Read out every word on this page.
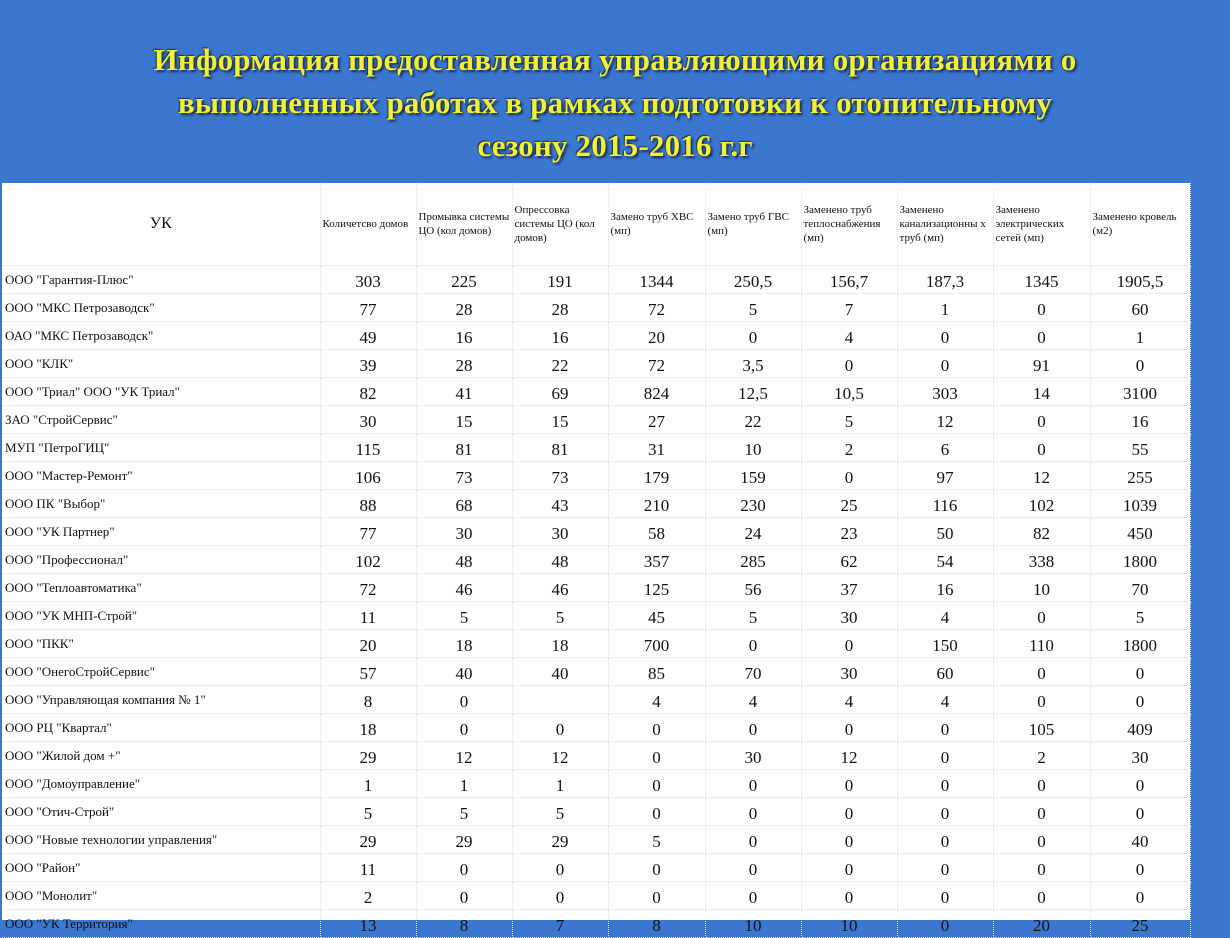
Информация предоставленная управляющими организациями о
выполненных работах в рамках подготовки к отопительному
сезону 2015-2016 г.г
УК	Количетсво домов	Промывка системы ЦО (кол домов)	Опрессовка системы ЦО (кол домов)	Замено труб ХВС (мп)	Замено труб ГВС (мп)	Заменено труб теплоснабжения (мп)	Заменено канализационны х труб (мп)	Заменено электрических сетей (мп)	Заменено кровель (м2)
ООО "Гарантия-Плюс"	303	225	191	1344	250,5	156,7	187,3	1345	1905,5
ООО "МКС Петрозаводск"	77	28	28	72	5	7	1	0	60
ОАО "МКС Петрозаводск"	49	16	16	20	0	4	0	0	1
ООО "КЛК"	39	28	22	72	3,5	0	0	91	0
ООО "Триал" ООО "УК Триал"	82	41	69	824	12,5	10,5	303	14	3100
ЗАО "СтройСервис"	30	15	15	27	22	5	12	0	16
МУП "ПетроГИЦ"	115	81	81	31	10	2	6	0	55
ООО "Мастер-Ремонт"	106	73	73	179	159	0	97	12	255
ООО ПК "Выбор"	88	68	43	210	230	25	116	102	1039
ООО "УК Партнер"	77	30	30	58	24	23	50	82	450
ООО "Профессионал"	102	48	48	357	285	62	54	338	1800
ООО "Теплоавтоматика"	72	46	46	125	56	37	16	10	70
ООО "УК МНП-Строй"	11	5	5	45	5	30	4	0	5
ООО "ПКК"	20	18	18	700	0	0	150	110	1800
ООО "ОнегоСтройСервис"	57	40	40	85	70	30	60	0	0
ООО "Управляющая компания № 1"	8	0		4	4	4	4	0	0
ООО РЦ "Квартал"	18	0	0	0	0	0	0	105	409
ООО "Жилой дом +"	29	12	12	0	30	12	0	2	30
ООО "Домоуправление"	1	1	1	0	0	0	0	0	0
ООО "Отич-Строй"	5	5	5	0	0	0	0	0	0
ООО "Новые технологии управления"	29	29	29	5	0	0	0	0	40
ООО "Район"	11	0	0	0	0	0	0	0	0
ООО "Монолит"	2	0	0	0	0	0	0	0	0
ООО "УК Территория"	13	8	7	8	10	10	0	20	25
